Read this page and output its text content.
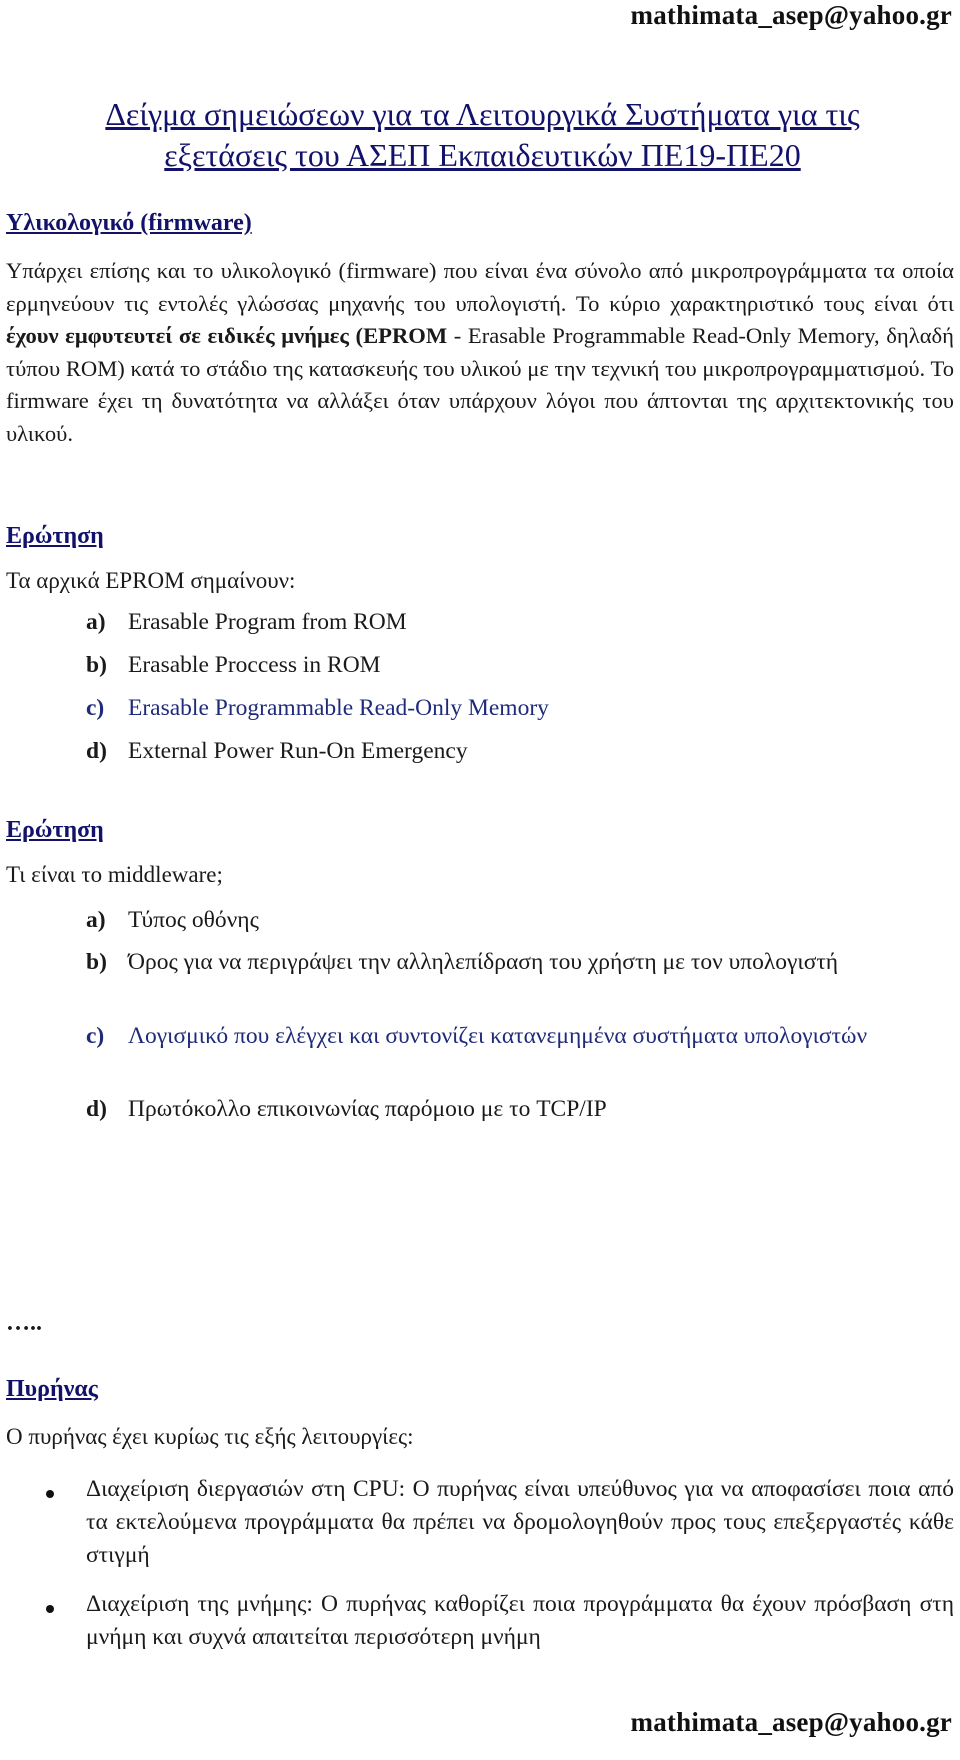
mathimata_asep@yahoo.gr
Δείγμα σημειώσεων για τα Λειτουργικά Συστήματα για τις
εξετάσεις του ΑΣΕΠ Εκπαιδευτικών ΠΕ19-ΠΕ20
Υλικολογικό (firmware)

Υπάρχει επίσης και το υλικολογικό (firmware) που είναι ένα σύνολο από μικροπρογράμματα τα οποία ερμηνεύουν τις εντολές γλώσσας μηχανής του υπολογιστή. Το κύριο χαρακτηριστικό τους είναι ότι έχουν εμφυτευτεί σε ειδικές μνήμες (EPROM - Erasable Programmable Read-Only Memory, δηλαδή τύπου ROM) κατά το στάδιο της κατασκευής του υλικού με την τεχνική του μικροπρογραμματισμού. Το firmware έχει τη δυνατότητα να αλλάξει όταν υπάρχουν λόγοι που άπτονται της αρχιτεκτονικής του υλικού.

Ερώτηση

Τα αρχικά EPROM σημαίνουν:

a) Erasable Program from ROM
b) Erasable Proccess in ROM
c) Erasable Programmable Read-Only Memory
d) External Power Run-On Emergency
Ερώτηση

Τι είναι το middleware;

a) Τύπος οθόνης
b) Όρος για να περιγράψει την αλληλεπίδραση του χρήστη με τον υπολογιστή
c) Λογισμικό που ελέγχει και συντονίζει κατανεμημένα συστήματα υπολογιστών
d) Πρωτόκολλο επικοινωνίας παρόμοιο με το TCP/IP
…..
Πυρήνας

Ο πυρήνας έχει κυρίως τις εξής λειτουργίες:

Διαχείριση διεργασιών στη CPU: Ο πυρήνας είναι υπεύθυνος για να αποφασίσει ποια από τα εκτελούμενα προγράμματα θα πρέπει να δρομολογηθούν προς τους επεξεργαστές κάθε στιγμή

Διαχείριση της μνήμης: Ο πυρήνας καθορίζει ποια προγράμματα θα έχουν πρόσβαση στη μνήμη και συχνά απαιτείται περισσότερη μνήμη

mathimata_asep@yahoo.gr
